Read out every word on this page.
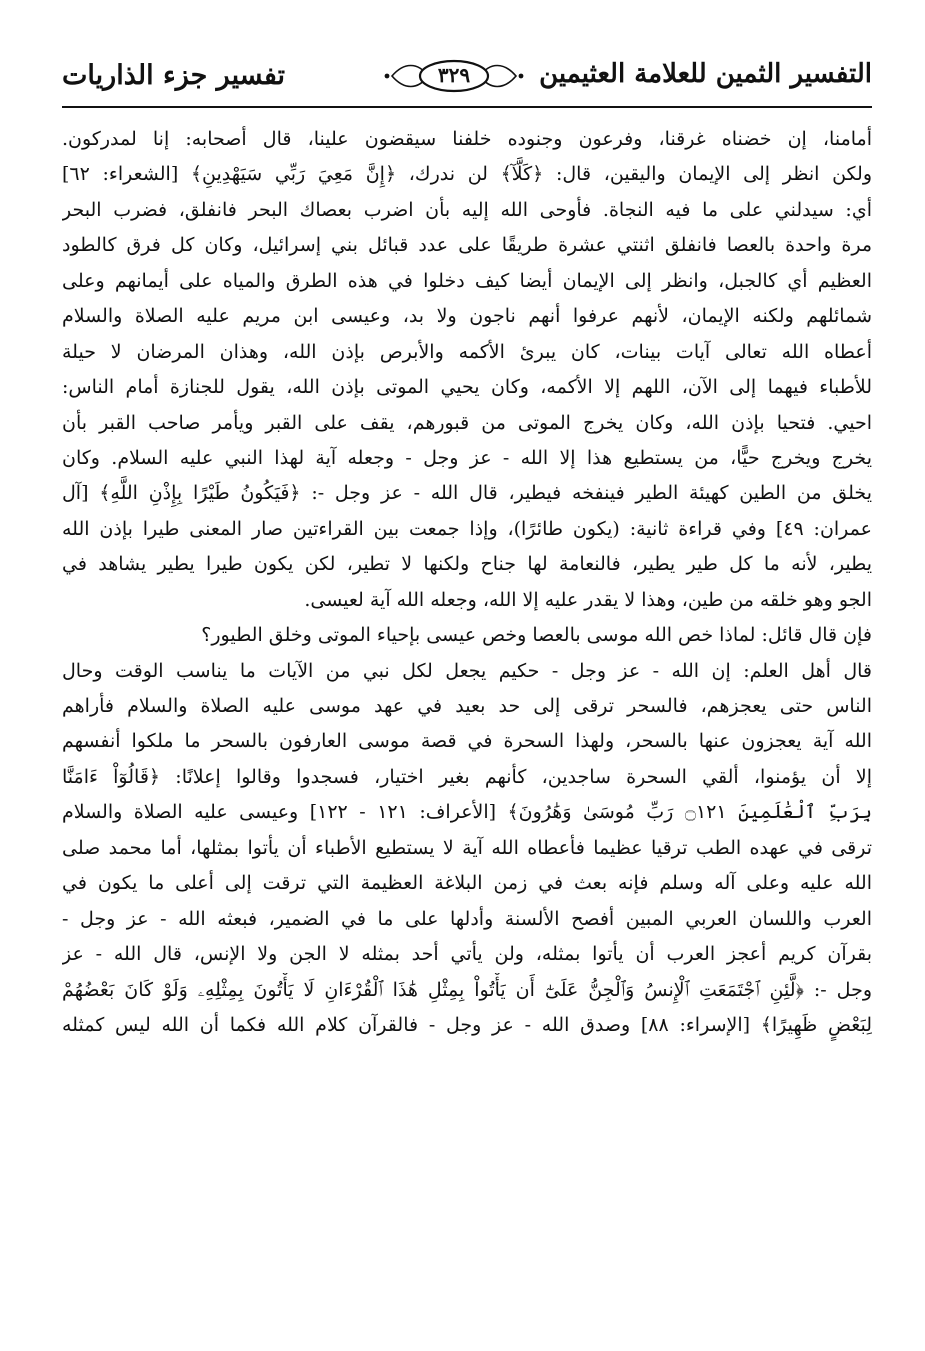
التفسير الثمين للعلامة العثيمين
٣٢٩
تفسير جزء الذاريات
أمامنا، إن خضناه غرقنا، وفرعون وجنوده خلفنا سيقضون علينا، قال أصحابه: إنا لمدركون.
ولكن انظر إلى الإيمان واليقين، قال: ﴿كَلَّآ﴾ لن ندرك، ﴿إِنَّ مَعِيَ رَبِّي سَيَهْدِينِ﴾ [الشعراء: ٦٢]
أي: سيدلني على ما فيه النجاة. فأوحى الله إليه بأن اضرب بعصاك البحر فانفلق، فضرب البحر
مرة واحدة بالعصا فانفلق اثنتي عشرة طريقًا على عدد قبائل بني إسرائيل، وكان كل فرق كالطود
العظيم أي كالجبل، وانظر إلى الإيمان أيضا كيف دخلوا في هذه الطرق والمياه على أيمانهم وعلى
شمائلهم ولكنه الإيمان، لأنهم عرفوا أنهم ناجون ولا بد، وعيسى ابن مريم عليه الصلاة والسلام
أعطاه الله تعالى آيات بينات، كان يبرئ الأكمه والأبرص بإذن الله، وهذان المرضان لا حيلة
للأطباء فيهما إلى الآن، اللهم إلا الأكمه، وكان يحيي الموتى بإذن الله، يقول للجنازة أمام الناس:
احيي. فتحيا بإذن الله، وكان يخرج الموتى من قبورهم، يقف على القبر ويأمر صاحب القبر بأن
يخرج ويخرج حيًّا، من يستطيع هذا إلا الله - عز وجل - وجعله آية لهذا النبي عليه السلام. وكان
يخلق من الطين كهيئة الطير فينفخه فيطير، قال الله - عز وجل -: ﴿فَيَكُونُ طَيْرًا بِإِذْنِ اللَّهِ﴾ [آل
عمران: ٤٩] وفي قراءة ثانية: (يكون طائرًا)، وإذا جمعت بين القراءتين صار المعنى طيرا بإذن الله
يطير، لأنه ما كل طير يطير، فالنعامة لها جناح ولكنها لا تطير، لكن يكون طيرا يطير يشاهد في
الجو وهو خلقه من طين، وهذا لا يقدر عليه إلا الله، وجعله الله آية لعيسى.
فإن قال قائل: لماذا خص الله موسى بالعصا وخص عيسى بإحياء الموتى وخلق الطيور؟
قال أهل العلم: إن الله - عز وجل - حكيم يجعل لكل نبي من الآيات ما يناسب الوقت وحال
الناس حتى يعجزهم، فالسحر ترقى إلى حد بعيد في عهد موسى عليه الصلاة والسلام فأراهم
الله آية يعجزون عنها بالسحر، ولهذا السحرة في قصة موسى العارفون بالسحر ما ملكوا أنفسهم
إلا أن يؤمنوا، ألقي السحرة ساجدين، كأنهم بغير اختيار، فسجدوا وقالوا إعلانًا: ﴿قَالُوٓاْ ءَامَنَّا
بِرَبِّ ٱلْعَٰلَمِينَ ۝١٢١ رَبِّ مُوسَىٰ وَهَٰرُونَ﴾ [الأعراف: ١٢١ - ١٢٢] وعيسى عليه الصلاة والسلام
ترقى في عهده الطب ترقيا عظيما فأعطاه الله آية لا يستطيع الأطباء أن يأتوا بمثلها، أما محمد صلى
الله عليه وعلى آله وسلم فإنه بعث في زمن البلاغة العظيمة التي ترقت إلى أعلى ما يكون في
العرب واللسان العربي المبين أفصح الألسنة وأدلها على ما في الضمير، فبعثه الله - عز وجل -
بقرآن كريم أعجز العرب أن يأتوا بمثله، ولن يأتي أحد بمثله لا الجن ولا الإنس، قال الله - عز
وجل -: ﴿لَّئِنِ ٱجْتَمَعَتِ ٱلْإِنسُ وَٱلْجِنُّ عَلَىٰٓ أَن يَأْتُواْ بِمِثْلِ هَٰذَا ٱلْقُرْءَانِ لَا يَأْتُونَ بِمِثْلِهِۦ وَلَوْ كَانَ بَعْضُهُمْ
لِبَعْضٍ ظَهِيرًا﴾ [الإسراء: ٨٨] وصدق الله - عز وجل - فالقرآن كلام الله فكما أن الله ليس كمثله
